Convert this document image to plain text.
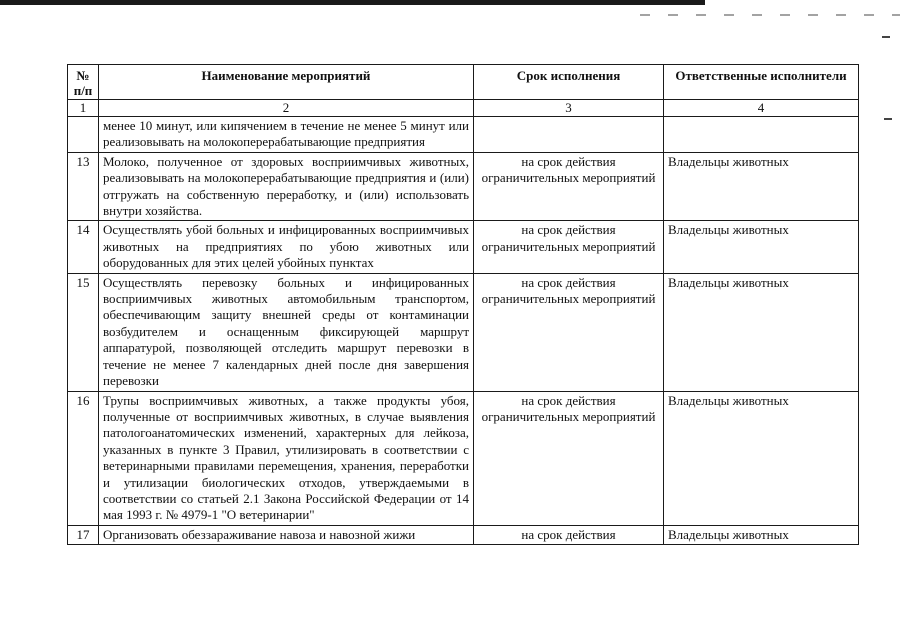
№
п/п	Наименование мероприятий	Срок исполнения	Ответственные исполнители
1	2	3	4
	менее 10 минут, или кипячением в течение не менее 5 минут или реализовывать на молокоперерабатывающие предприятия		
13	Молоко, полученное от здоровых восприимчивых животных, реализовывать на молокоперерабатывающие предприятия и (или) отгружать на собственную переработку, и (или) использовать внутри хозяйства.	на срок действия ограничительных мероприятий	Владельцы животных
14	Осуществлять убой больных и инфицированных восприимчивых животных на предприятиях по убою животных или оборудованных для этих целей убойных пунктах	на срок действия ограничительных мероприятий	Владельцы животных
15	Осуществлять перевозку больных и инфицированных восприимчивых животных автомобильным транспортом, обеспечивающим защиту внешней среды от контаминации возбудителем и оснащенным фиксирующей маршрут аппаратурой, позволяющей отследить маршрут перевозки в течение не менее 7 календарных дней после дня завершения перевозки	на срок действия ограничительных мероприятий	Владельцы животных
16	Трупы восприимчивых животных, а также продукты убоя, полученные от восприимчивых животных, в случае выявления патологоанатомических изменений, характерных для лейкоза, указанных в пункте 3 Правил, утилизировать в соответствии с ветеринарными правилами перемещения, хранения, переработки и утилизации биологических отходов, утверждаемыми в соответствии со статьей 2.1 Закона Российской Федерации от 14 мая 1993 г. № 4979-1 "О ветеринарии"	на срок действия ограничительных мероприятий	Владельцы животных
17	Организовать обеззараживание навоза и навозной жижи	на срок действия	Владельцы животных
